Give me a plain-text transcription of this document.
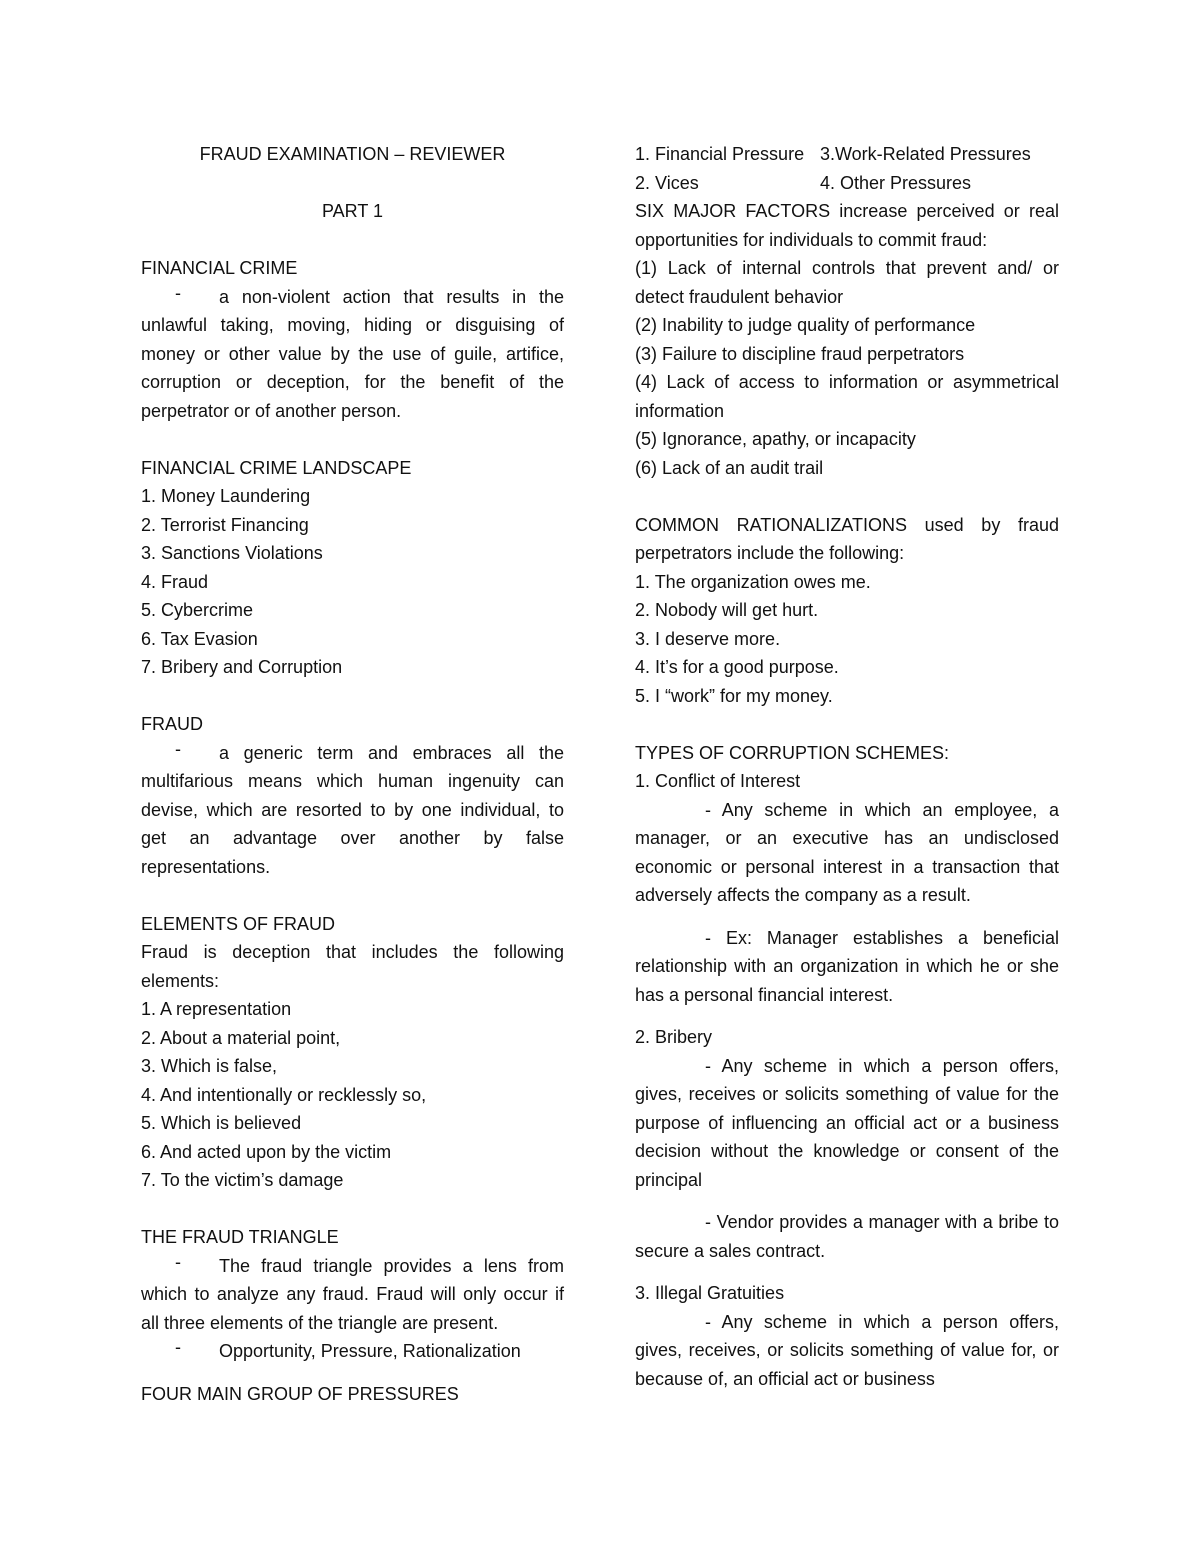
FRAUD EXAMINATION – REVIEWER

PART 1

FINANCIAL CRIME

-	a non-violent action that results in the

unlawful taking, moving, hiding or disguising of money or other value by the use of guile, artifice, corruption or deception, for the benefit of the perpetrator or of another person.

FINANCIAL CRIME LANDSCAPE

1. Money Laundering

2. Terrorist Financing

3. Sanctions Violations

4. Fraud

5. Cybercrime

6. Tax Evasion

7. Bribery and Corruption

FRAUD

-	a generic term and embraces all the

multifarious means which human ingenuity can devise, which are resorted to by one individual, to get an advantage over another by false representations.

ELEMENTS OF FRAUD

Fraud is deception that includes the following elements:

1. A representation

2. About a material point,

3. Which is false,

4. And intentionally or recklessly so,

5. Which is believed

6. And acted upon by the victim

7. To the victim’s damage

THE FRAUD TRIANGLE

-	The fraud triangle provides a lens from

which to analyze any fraud. Fraud will only occur if all three elements of the triangle are present.

-	Opportunity, Pressure, Rationalization

FOUR MAIN GROUP OF PRESSURES

1. Financial Pressure 3.Work-Related Pressures

2. Vices	4. Other Pressures

SIX MAJOR FACTORS increase perceived or real opportunities for individuals to commit fraud:

(1) Lack of internal controls that prevent and/ or detect fraudulent behavior

(2) Inability to judge quality of performance

(3) Failure to discipline fraud perpetrators

(4) Lack of access to information or asymmetrical information

(5) Ignorance, apathy, or incapacity

(6) Lack of an audit trail

COMMON RATIONALIZATIONS used by fraud perpetrators include the following:

1. The organization owes me.

2. Nobody will get hurt.

3. I deserve more.

4. It’s for a good purpose.

5. I “work” for my money.

TYPES OF CORRUPTION SCHEMES:

1. Conflict of Interest

- Any scheme in which an employee, a manager, or an executive has an undisclosed economic or personal interest in a transaction that adversely affects the company as a result.

- Ex: Manager establishes a beneficial relationship with an organization in which he or she has a personal financial interest.

2. Bribery

- Any scheme in which a person offers, gives, receives or solicits something of value for the purpose of influencing an official act or a business decision without the knowledge or consent of the principal

- Vendor provides a manager with a bribe to secure a sales contract.

3. Illegal Gratuities

- Any scheme in which a person offers, gives, receives, or solicits something of value for, or because of, an official act or business
